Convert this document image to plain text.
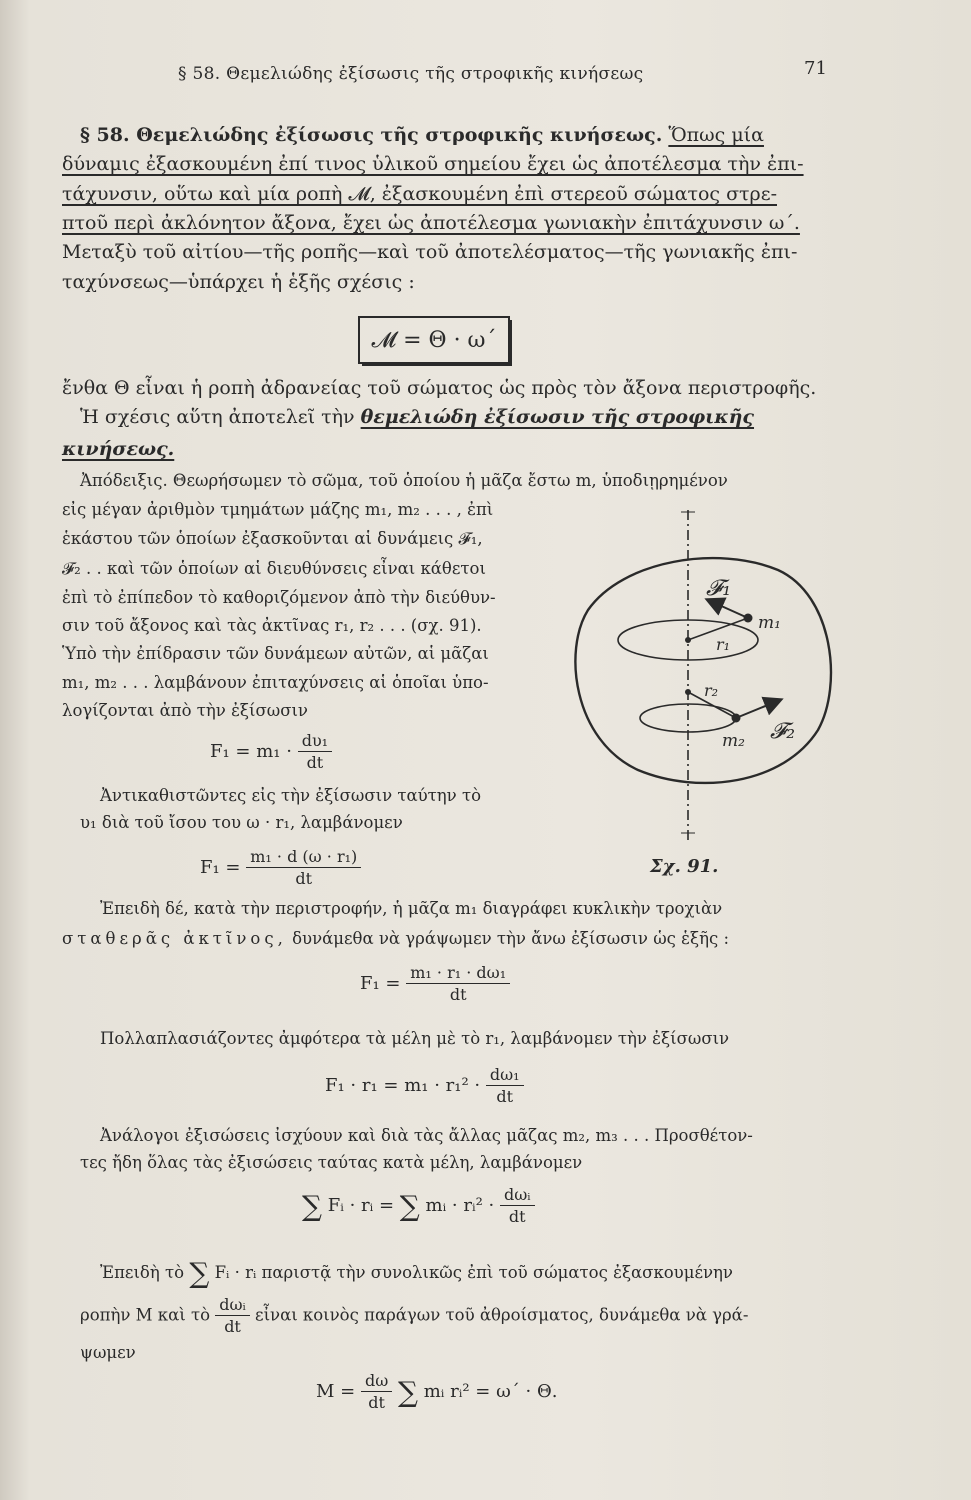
§ 58. Θεμελιώδης ἐξίσωσις τῆς στροφικῆς κινήσεως	71
§ 58. Θεμελιώδης ἐξίσωσις τῆς στροφικῆς κινήσεως. Ὅπως μία
δύναμις ἐξασκουμένη ἐπί τινος ὑλικοῦ σημείου ἔχει ὡς ἀποτέλεσμα τὴν ἐπι-
τάχυνσιν, οὕτω καὶ μία ροπὴ 𝓜, ἐξασκουμένη ἐπὶ στερεοῦ σώματος στρε-
πτοῦ περὶ ἀκλόνητον ἄξονα, ἔχει ὡς ἀποτέλεσμα γωνιακὴν ἐπιτάχυνσιν ω΄.
Μεταξὺ τοῦ αἰτίου—τῆς ροπῆς—καὶ τοῦ ἀποτελέσματος—τῆς γωνιακῆς ἐπι-
ταχύνσεως—ὑπάρχει ἡ ἑξῆς σχέσις :
𝓜 = Θ · ω΄
ἔνθα Θ εἶναι ἡ ροπὴ ἀδρανείας τοῦ σώματος ὡς πρὸς τὸν ἄξονα περιστροφῆς.
Ἡ σχέσις αὕτη ἀποτελεῖ τὴν θεμελιώδη ἐξίσωσιν τῆς στροφικῆς
κινήσεως.
Ἀπόδειξις. Θεωρήσωμεν τὸ σῶμα, τοῦ ὁποίου ἡ μᾶζα ἔστω m, ὑποδιῃρημένον
εἰς μέγαν ἀριθμὸν τμημάτων μάζης m₁, m₂ . . . , ἐπὶ
ἑκάστου τῶν ὁποίων ἐξασκοῦνται αἱ δυνάμεις 𝓕₁,
𝓕₂ . . καὶ τῶν ὁποίων αἱ διευθύνσεις εἶναι κάθετοι
ἐπὶ τὸ ἐπίπεδον τὸ καθοριζόμενον ἀπὸ τὴν διεύθυν-
σιν τοῦ ἄξονος καὶ τὰς ἀκτῖνας r₁, r₂ . . . (σχ. 91).
Ὑπὸ τὴν ἐπίδρασιν τῶν δυνάμεων αὐτῶν, αἱ μᾶζαι
m₁, m₂ . . . λαμβάνουν ἐπιταχύνσεις αἱ ὁποῖαι ὑπο-
λογίζονται ἀπὸ τὴν ἐξίσωσιν
$F_1 = m_1 \cdot \frac{\text{dυ₁}}{dt}$
Ἀντικαθιστῶντες εἰς τὴν ἐξίσωσιν ταύτην τὸ
υ₁ διὰ τοῦ ἴσου του ω · r₁, λαμβάνομεν
$F_1 = \frac{\text{m₁ · d (ω · r₁)}}{dt}$
Ἐπειδὴ δέ, κατὰ τὴν περιστροφήν, ἡ μᾶζα m₁ διαγράφει κυκλικὴν τροχιὰν
σταθερᾶς ἀκτῖνος, δυνάμεθα νὰ γράψωμεν τὴν ἄνω ἐξίσωσιν ὡς ἑξῆς :
$F_1 = \frac{\text{m₁ · r₁ · dω₁}}{dt}$
Πολλαπλασιάζοντες ἀμφότερα τὰ μέλη μὲ τὸ r₁, λαμβάνομεν τὴν ἐξίσωσιν
$F_1 \cdot r_1 = m_1 \cdot r_1^2 \cdot \frac{\text{dω₁}}{dt}$
Ἀνάλογοι ἐξισώσεις ἰσχύουν καὶ διὰ τὰς ἄλλας μᾶζας m₂, m₃ . . . Προσθέτον-
τες ἤδη ὅλας τὰς ἐξισώσεις ταύτας κατὰ μέλη, λαμβάνομεν
∑ Fᵢ · rᵢ = ∑ mᵢ · rᵢ² · $\frac{\text{dωᵢ}}{dt}$
Ἐπειδὴ τὸ ∑ Fᵢ · rᵢ παριστᾷ τὴν συνολικῶς ἐπὶ τοῦ σώματος ἐξασκουμένην
ροπὴν M καὶ τὸ $\frac{\text{dωᵢ}}{dt}$ εἶναι κοινὸς παράγων τοῦ ἀθροίσματος, δυνάμεθα νὰ γρά-
ψωμεν
$M = \frac{d\omega}{dt}$ ∑ mᵢ rᵢ² = ω΄ · Θ.
𝓕₁
m₁
r₁
r₂
m₂ 𝓕₂
Σχ. 91.
